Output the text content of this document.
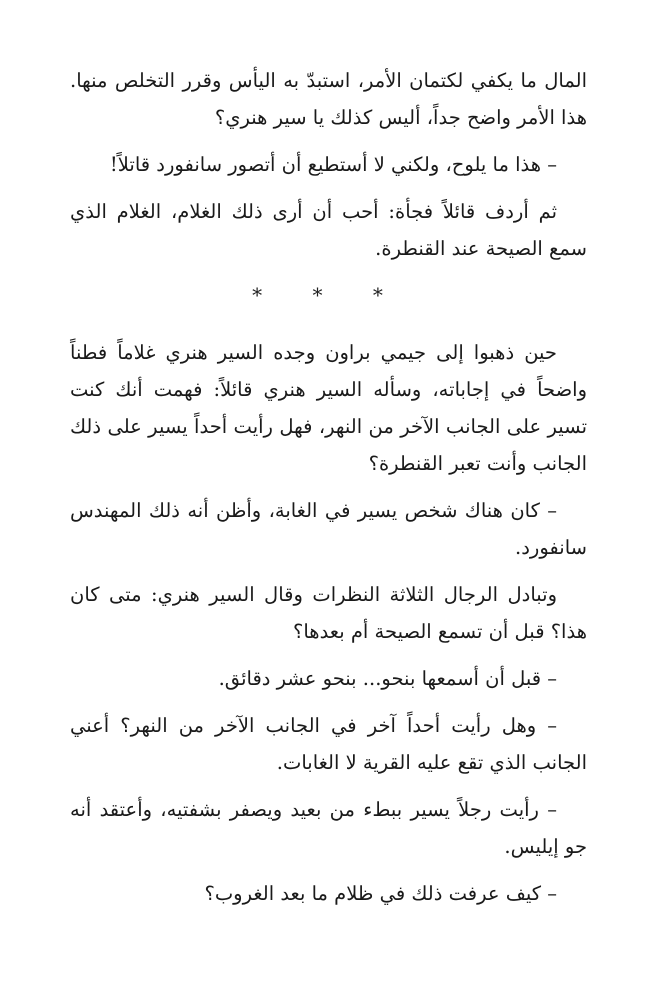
المال ما يكفي لكتمان الأمر، استبدّ به اليأس وقرر التخلص منها. هذا الأمر واضح جداً، أليس كذلك يا سير هنري؟

– هذا ما يلوح، ولكني لا أستطيع أن أتصور سانفورد قاتلاً!

ثم أردف قائلاً فجأة: أحب أن أرى ذلك الغلام، الغلام الذي سمع الصيحة عند القنطرة.

* * *

حين ذهبوا إلى جيمي براون وجده السير هنري غلاماً فطناً واضحاً في إجاباته، وسأله السير هنري قائلاً: فهمت أنك كنت تسير على الجانب الآخر من النهر، فهل رأيت أحداً يسير على ذلك الجانب وأنت تعبر القنطرة؟

– كان هناك شخص يسير في الغابة، وأظن أنه ذلك المهندس سانفورد.

وتبادل الرجال الثلاثة النظرات وقال السير هنري: متى كان هذا؟ قبل أن تسمع الصيحة أم بعدها؟

– قبل أن أسمعها بنحو... بنحو عشر دقائق.

– وهل رأيت أحداً آخر في الجانب الآخر من النهر؟ أعني الجانب الذي تقع عليه القرية لا الغابات.

– رأيت رجلاً يسير ببطء من بعيد ويصفر بشفتيه، وأعتقد أنه جو إيليس.

– كيف عرفت ذلك في ظلام ما بعد الغروب؟
